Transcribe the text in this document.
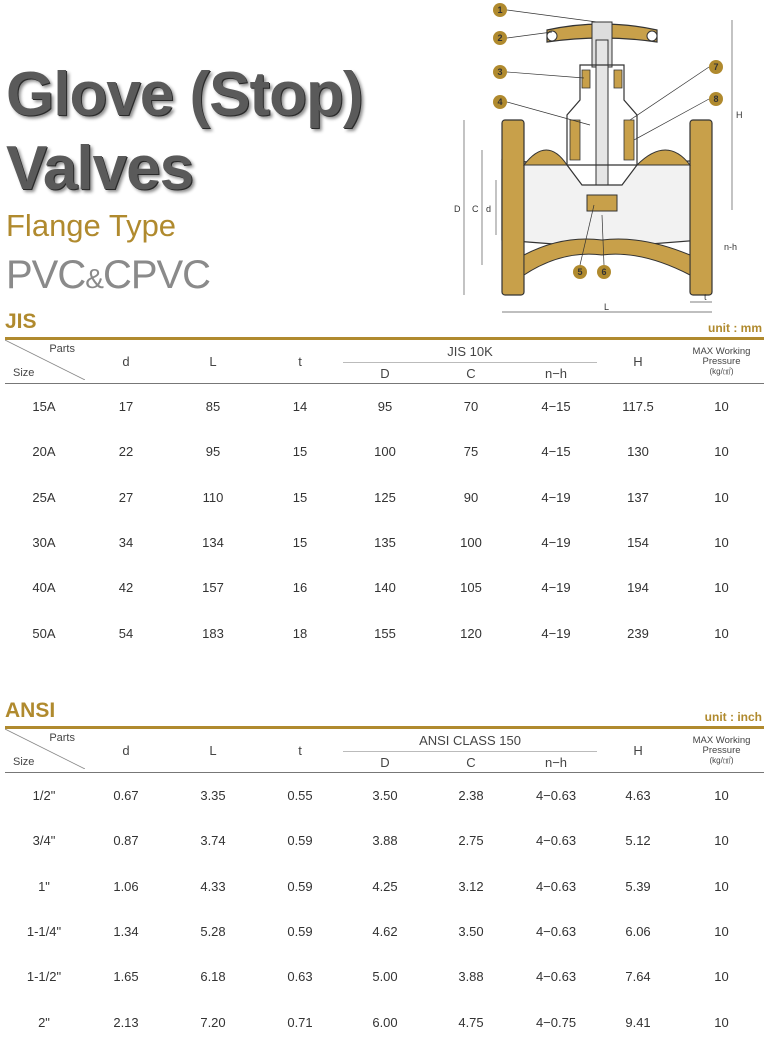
Glove (Stop)
Valves

Flange Type

PVC&CPVC

D C d
H
L
t
n-h
1
2
3
4
5 6
7
8
JIS	unit : mm
Parts
Size	d	L	t	JIS 10K			H	MAX Working
Pressure
(kg/㎠)

				D	C	n−h		
15A	17	85	14	95	70	4−15	117.5	10
20A	22	95	15	100	75	4−15	130	10
25A	27	110	15	125	90	4−19	137	10
30A	34	134	15	135	100	4−19	154	10
40A	42	157	16	140	105	4−19	194	10
50A	54	183	18	155	120	4−19	239	10
ANSI	unit : inch
Parts
Size	d	L	t	ANSI CLASS 150			H	MAX Working
Pressure
(kg/㎠)

				D	C	n−h		
1/2"	0.67	3.35	0.55	3.50	2.38	4−0.63	4.63	10
3/4"	0.87	3.74	0.59	3.88	2.75	4−0.63	5.12	10
1"	1.06	4.33	0.59	4.25	3.12	4−0.63	5.39	10
1-1/4"	1.34	5.28	0.59	4.62	3.50	4−0.63	6.06	10
1-1/2"	1.65	6.18	0.63	5.00	3.88	4−0.63	7.64	10
2"	2.13	7.20	0.71	6.00	4.75	4−0.75	9.41	10
